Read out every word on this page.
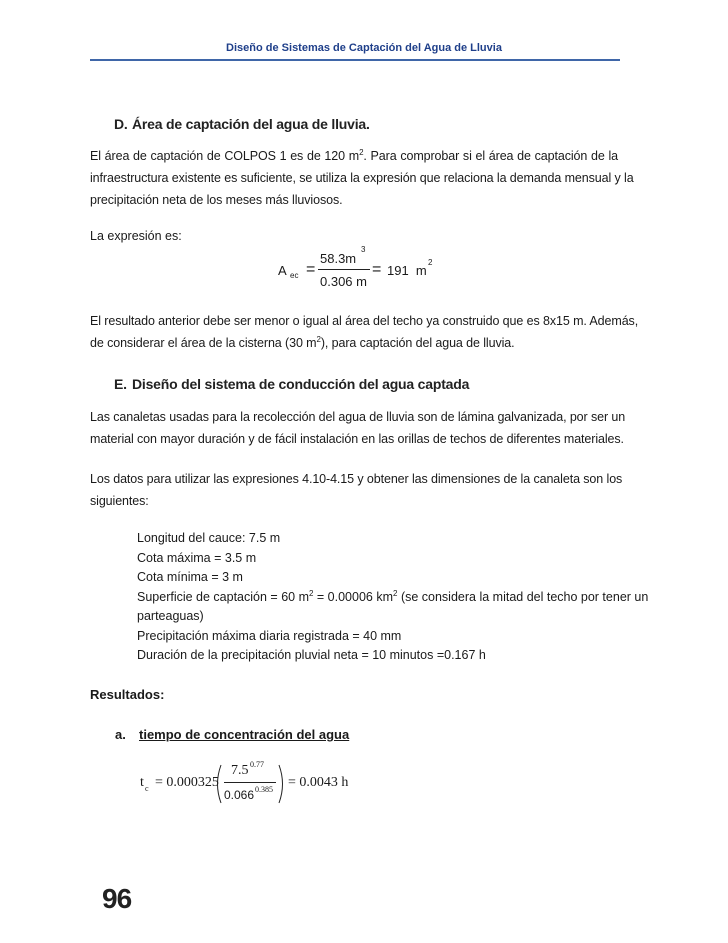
Diseño de Sistemas de Captación del Agua de Lluvia
D. Área de captación del agua de lluvia.
El área de captación de COLPOS 1 es de 120 $m^2$. Para comprobar si el área de captación de la
infraestructura existente es suficiente, se utiliza la expresión que relaciona la demanda mensual y la
precipitación neta de los meses más lluviosos.
La expresión es:
A ec =
58.3m
3
0.306 m
= 191  m
2
El resultado anterior debe ser menor o igual al área del techo ya construido que es 8x15 m. Además,
de considerar el área de la cisterna (30 $m^2$), para captación del agua de lluvia.
E. Diseño del sistema de conducción del agua captada
Las canaletas usadas para la recolección del agua de lluvia son de lámina galvanizada, por ser un
material con mayor duración y de fácil instalación en las orillas de techos de diferentes materiales.
Los datos para utilizar las expresiones 4.10-4.15 y obtener las dimensiones de la canaleta son los
siguientes:
Longitud del cauce: 7.5 m
Cota máxima = 3.5 m
Cota mínima = 3 m
Superficie de captación = 60 $m^2 = 0.00006$ $km^2$ (se considera la mitad del techo por tener un
parteaguas)
Precipitación máxima diaria registrada = 40 mm
Duración de la precipitación pluvial neta = 10 minutos =0.167 h
Resultados:
a. tiempo de concentración del agua
t c = 0.000325
7.5 0.77
0.066 0.385 = 0.0043 h
96
